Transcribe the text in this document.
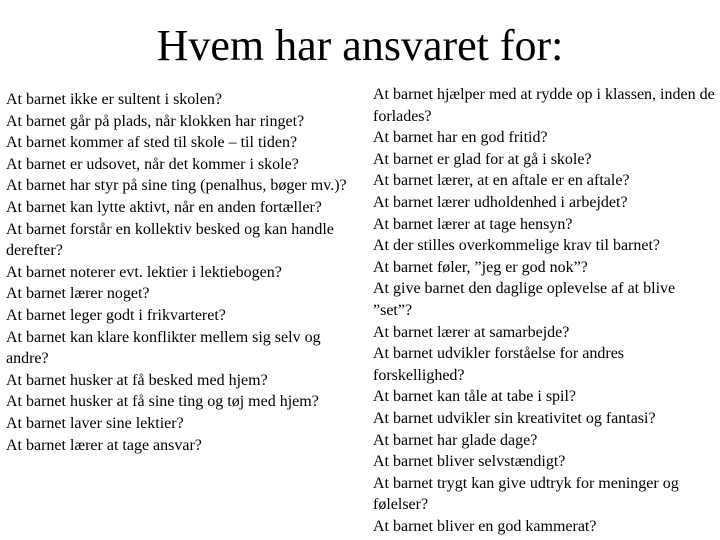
Hvem har ansvaret for:
At barnet ikke er sultent i skolen?
At barnet går på plads, når klokken har ringet?
At barnet kommer af sted til skole – til tiden?
At barnet er udsovet, når det kommer i skole?
At barnet har styr på sine ting (penalhus, bøger mv.)?
At barnet kan lytte aktivt, når en anden fortæller?
At barnet forstår en kollektiv besked og kan handle derefter?
At barnet noterer evt. lektier i lektiebogen?
At barnet lærer noget?
At barnet leger godt i frikvarteret?
At barnet kan klare konflikter mellem sig selv og andre?
At barnet husker at få besked med hjem?
At barnet husker at få sine ting og tøj med hjem?
At barnet laver sine lektier?
At barnet lærer at tage ansvar?
At barnet hjælper med at rydde op i klassen, inden de forlades?
At barnet har en god fritid?
At barnet er glad for at gå i skole?
At barnet lærer, at en aftale er en aftale?
At barnet lærer udholdenhed i arbejdet?
At barnet lærer at tage hensyn?
At der stilles overkommelige krav til barnet?
At barnet føler, ”jeg er god nok”?
At give barnet den daglige oplevelse af at blive ”set”?
At barnet lærer at samarbejde?
At barnet udvikler forståelse for andres forskellighed?
At barnet kan tåle at tabe i spil?
At barnet udvikler sin kreativitet og fantasi?
At barnet har glade dage?
At barnet bliver selvstændigt?
At barnet trygt kan give udtryk for meninger og følelser?
At barnet bliver en god kammerat?
